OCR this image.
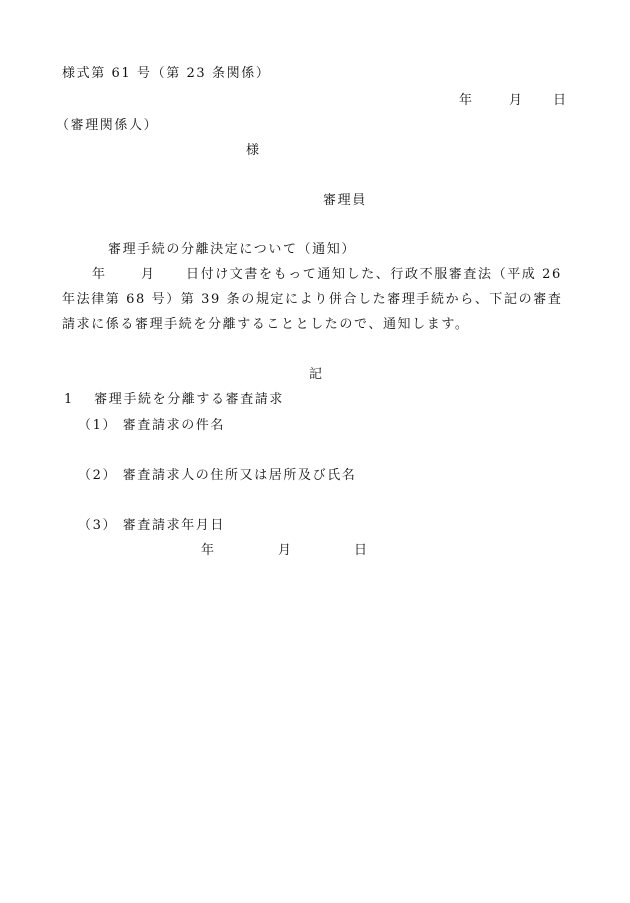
様式第 61 号（第 23 条関係）
年	月 日
（審理関係人）
様
審理員
審理手続の分離決定について（通知）
年	月 日付け文書をもって通知した、行政不服審査法（平成 26
年法律第 68 号）第 39 条の規定により併合した審理手続から、下記の審査
請求に係る審理手続を分離することとしたので、通知します。
記
1　 審理手続を分離する審査請求
（1） 審査請求の件名
（2） 審査請求人の住所又は居所及び氏名
（3） 審査請求年月日
年	月	日
